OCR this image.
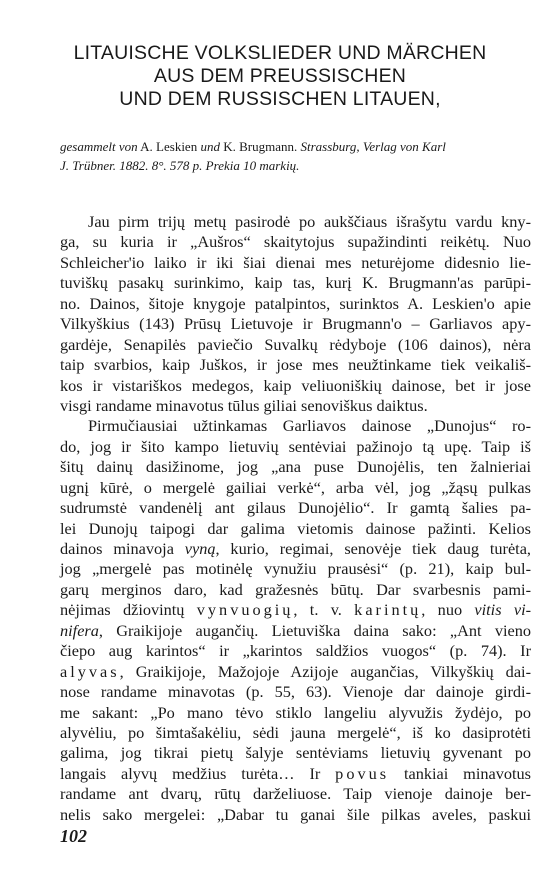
LITAUISCHE VOLKSLIEDER UND MÄRCHEN
AUS DEM PREUSSISCHEN
UND DEM RUSSISCHEN LITAUEN,
gesammelt von A. Leskien und K. Brugmann. Strassburg, Verlag von Karl
J. Trübner. 1882. 8°. 578 p. Prekia 10 markių.
Jau pirm trijų metų pasirodė po aukščiaus išrašytu vardu kny-
ga, su kuria ir „Aušros“ skaitytojus supažindinti reikėtų. Nuo
Schleicher'io laiko ir iki šiai dienai mes neturėjome didesnio lie-
tuviškų pasakų surinkimo, kaip tas, kurį K. Brugmann'as parūpi-
no. Dainos, šitoje knygoje patalpintos, surinktos A. Leskien'o apie
Vilkyškius (143) Prūsų Lietuvoje ir Brugmann'o – Garliavos apy-
gardėje, Senapilės paviečio Suvalkų rėdyboje (106 dainos), nėra
taip svarbios, kaip Juškos, ir jose mes neužtinkame tiek veikališ-
kos ir vistariškos medegos, kaip veliuoniškių dainose, bet ir jose
visgi randame minavotus tūlus giliai senoviškus daiktus.
Pirmučiausiai užtinkamas Garliavos dainose „Dunojus“ ro-
do, jog ir šito kampo lietuvių sentėviai pažinojo tą upę. Taip iš
šitų dainų dasižinome, jog „ana puse Dunojėlis, ten žalnieriai
ugnį kūrė, o mergelė gailiai verkė“, arba vėl, jog „žąsų pulkas
sudrumstė vandenėlį ant gilaus Dunojėlio“. Ir gamtą šalies pa-
lei Dunojų taipogi dar galima vietomis dainose pažinti. Kelios
dainos minavoja vyną, kurio, regimai, senovėje tiek daug turėta,
jog „mergelė pas motinėlę vynužiu prausėsi“ (p. 21), kaip bul-
garų merginos daro, kad gražesnės būtų. Dar svarbesnis pami-
nėjimas džiovintų vynvuogių, t. v. karintų, nuo vitis vi-
nifera, Graikijoje augančių. Lietuviška daina sako: „Ant vieno
čiepo aug karintos“ ir „karintos saldžios vuogos“ (p. 74). Ir
alyvas, Graikijoje, Mažojoje Azijoje augančias, Vilkyškių dai-
nose randame minavotas (p. 55, 63). Vienoje dar dainoje girdi-
me sakant: „Po mano tėvo stiklo langeliu alyvužis žydėjo, po
alyvėliu, po šimtašakėliu, sėdi jauna mergelė“, iš ko dasiprotėti
galima, jog tikrai pietų šalyje sentėviams lietuvių gyvenant po
langais alyvų medžius turėta… Ir povus tankiai minavotus
randame ant dvarų, rūtų darželiuose. Taip vienoje dainoje ber-
nelis sako mergelei: „Dabar tu ganai šile pilkas aveles, paskui
102
